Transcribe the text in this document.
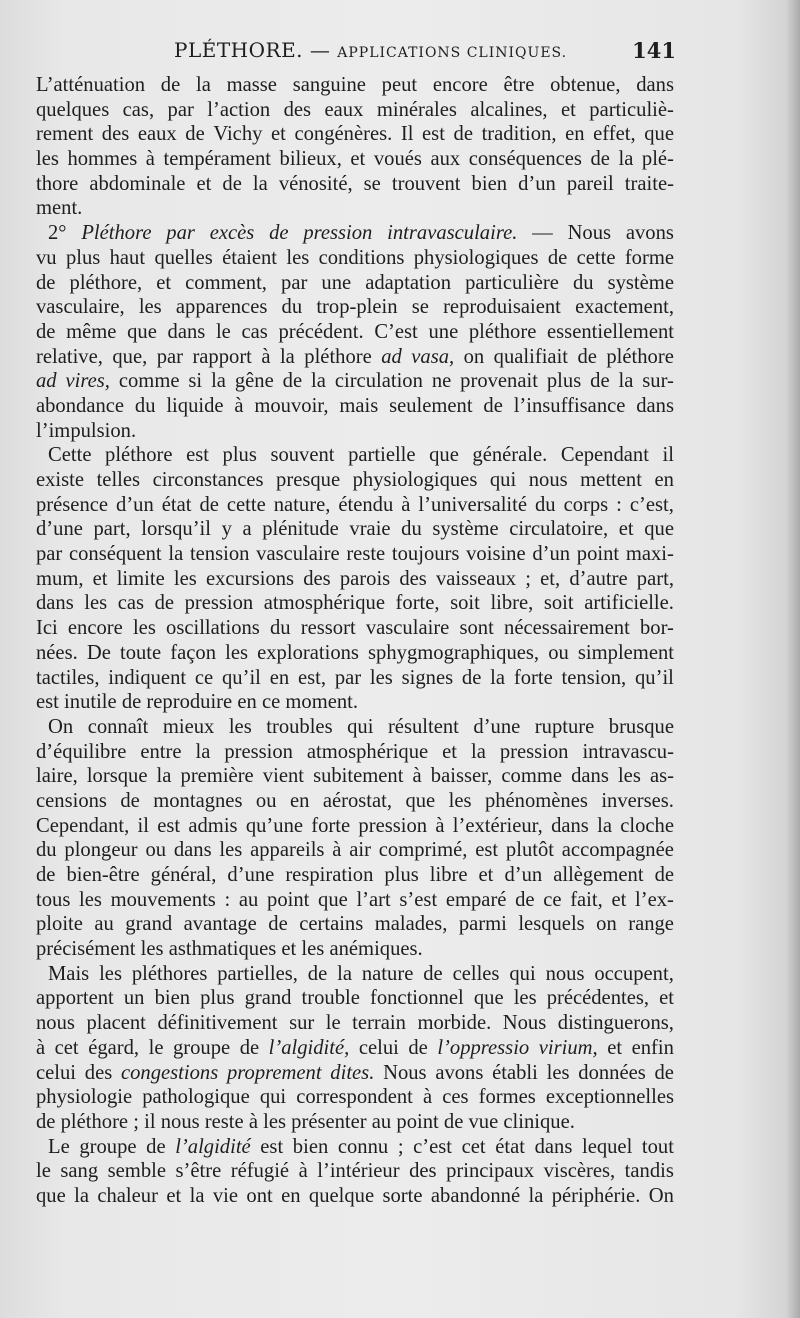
PLÉTHORE. — APPLICATIONS CLINIQUES.	141
L’atténuation de la masse sanguine peut encore être obtenue, dans
quelques cas, par l’action des eaux minérales alcalines, et particuliè-
rement des eaux de Vichy et congénères. Il est de tradition, en effet, que
les hommes à tempérament bilieux, et voués aux conséquences de la plé-
thore abdominale et de la vénosité, se trouvent bien d’un pareil traite-
ment.
2° Pléthore par excès de pression intravasculaire. — Nous avons
vu plus haut quelles étaient les conditions physiologiques de cette forme
de pléthore, et comment, par une adaptation particulière du système
vasculaire, les apparences du trop-plein se reproduisaient exactement,
de même que dans le cas précédent. C’est une pléthore essentiellement
relative, que, par rapport à la pléthore ad vasa, on qualifiait de pléthore
ad vires, comme si la gêne de la circulation ne provenait plus de la sur-
abondance du liquide à mouvoir, mais seulement de l’insuffisance dans
l’impulsion.
Cette pléthore est plus souvent partielle que générale. Cependant il
existe telles circonstances presque physiologiques qui nous mettent en
présence d’un état de cette nature, étendu à l’universalité du corps : c’est,
d’une part, lorsqu’il y a plénitude vraie du système circulatoire, et que
par conséquent la tension vasculaire reste toujours voisine d’un point maxi-
mum, et limite les excursions des parois des vaisseaux ; et, d’autre part,
dans les cas de pression atmosphérique forte, soit libre, soit artificielle.
Ici encore les oscillations du ressort vasculaire sont nécessairement bor-
nées. De toute façon les explorations sphygmographiques, ou simplement
tactiles, indiquent ce qu’il en est, par les signes de la forte tension, qu’il
est
inutile
de
reproduire
en
ce
moment.
On connaît mieux les troubles qui résultent d’une rupture brusque
d’équilibre entre la pression atmosphérique et la pression intravascu-
laire, lorsque la première vient subitement à baisser, comme dans les as-
censions de montagnes ou en aérostat, que les phénomènes inverses.
Cependant, il est admis qu’une forte pression à l’extérieur, dans la cloche
du plongeur ou dans les appareils à air comprimé, est plutôt accompagnée
de bien-être général, d’une respiration plus libre et d’un allègement de
tous les mouvements : au point que l’art s’est emparé de ce fait, et l’ex-
ploite au grand avantage de certains malades, parmi lesquels on range
précisément
les
asthmatiques
et
les
anémiques.
Mais les pléthores partielles, de la nature de celles qui nous occupent,
apportent un bien plus grand trouble fonctionnel que les précédentes, et
nous placent définitivement sur le terrain morbide. Nous distinguerons,
à cet égard, le groupe de l’algidité, celui de l’oppressio virium, et enfin
celui des congestions proprement dites. Nous avons établi les données de
physiologie pathologique qui correspondent à ces formes exceptionnelles
de
pléthore
;
il
nous
reste
à
les
présenter
au
point
de
vue
clinique.
Le groupe de l’algidité est bien connu ; c’est cet état dans lequel tout
le sang semble s’être réfugié à l’intérieur des principaux viscères, tandis
que la chaleur et la vie ont en quelque sorte abandonné la périphérie. On
